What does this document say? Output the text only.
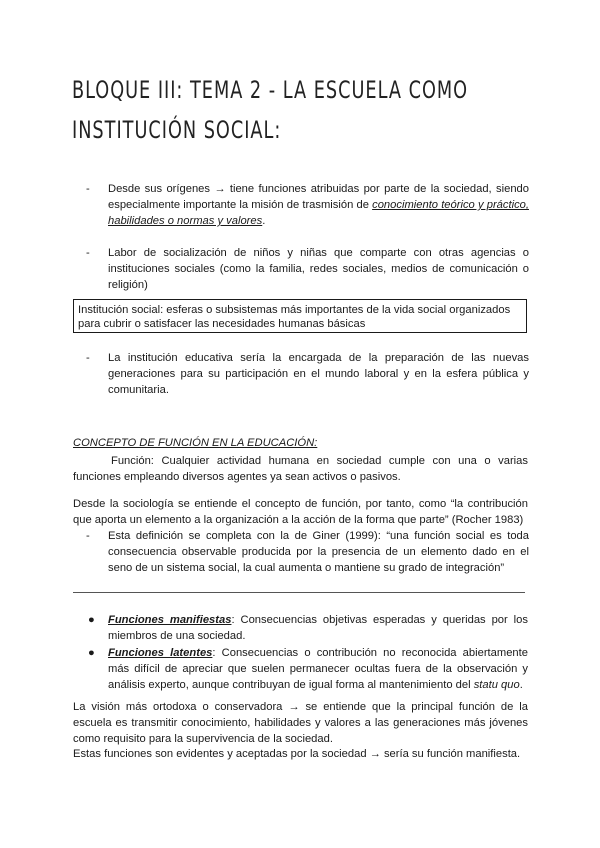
BLOQUE III: TEMA 2 - LA ESCUELA COMO INSTITUCIÓN SOCIAL:
- Desde sus orígenes → tiene funciones atribuidas por parte de la sociedad, siendo especialmente importante la misión de trasmisión de conocimiento teórico y práctico, habilidades o normas y valores.
- Labor de socialización de niños y niñas que comparte con otras agencias o instituciones sociales (como la familia, redes sociales, medios de comunicación o religión)
Institución social: esferas o subsistemas más importantes de la vida social organizados para cubrir o satisfacer las necesidades humanas básicas
- La institución educativa sería la encargada de la preparación de las nuevas generaciones para su participación en el mundo laboral y en la esfera pública y comunitaria.
CONCEPTO DE FUNCIÓN EN LA EDUCACIÓN:
Función: Cualquier actividad humana en sociedad cumple con una o varias funciones empleando diversos agentes ya sean activos o pasivos.
Desde la sociología se entiende el concepto de función, por tanto, como “la contribución que aporta un elemento a la organización a la acción de la forma que parte” (Rocher 1983)
- Esta definición se completa con la de Giner (1999): “una función social es toda consecuencia observable producida por la presencia de un elemento dado en el seno de un sistema social, la cual aumenta o mantiene su grado de integración”
● Funciones manifiestas: Consecuencias objetivas esperadas y queridas por los miembros de una sociedad.
● Funciones latentes: Consecuencias o contribución no reconocida abiertamente más difícil de apreciar que suelen permanecer ocultas fuera de la observación y análisis experto, aunque contribuyan de igual forma al mantenimiento del statu quo.
La visión más ortodoxa o conservadora → se entiende que la principal función de la escuela es transmitir conocimiento, habilidades y valores a las generaciones más jóvenes como requisito para la supervivencia de la sociedad.
Estas funciones son evidentes y aceptadas por la sociedad → sería su función manifiesta.
